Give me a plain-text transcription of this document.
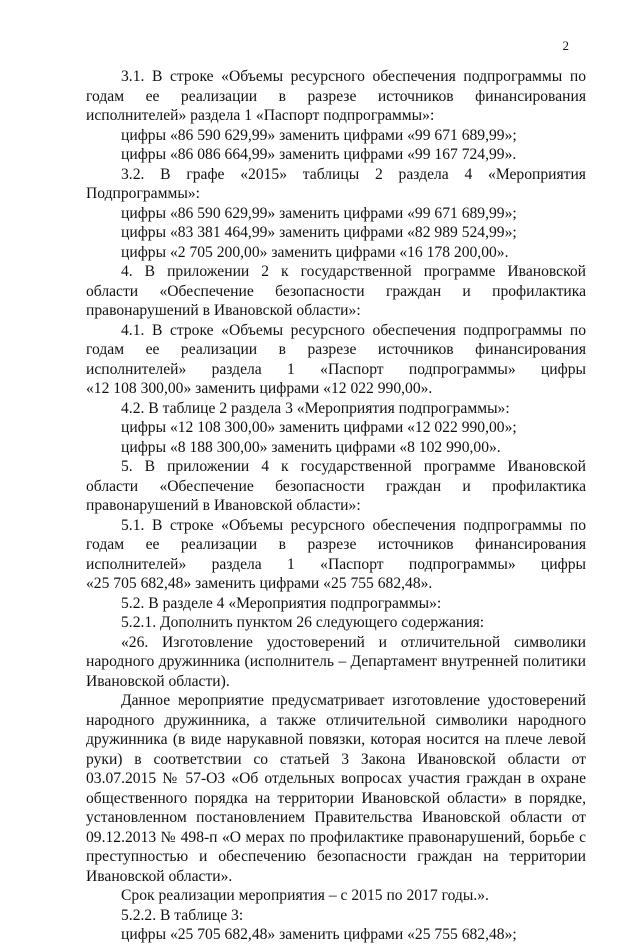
2
3.1. В строке «Объемы ресурсного обеспечения подпрограммы по
годам ее реализации в разрезе источников финансирования
исполнителей» раздела 1 «Паспорт подпрограммы»:
цифры «86 590 629,99» заменить цифрами «99 671 689,99»;
цифры «86 086 664,99» заменить цифрами «99 167 724,99».
3.2. В графе «2015» таблицы 2 раздела 4 «Мероприятия
Подпрограммы»:
цифры «86 590 629,99» заменить цифрами «99 671 689,99»;
цифры «83 381 464,99» заменить цифрами «82 989 524,99»;
цифры «2 705 200,00» заменить цифрами «16 178 200,00».
4. В приложении 2 к государственной программе Ивановской
области «Обеспечение безопасности граждан и профилактика
правонарушений в Ивановской области»:
4.1. В строке «Объемы ресурсного обеспечения подпрограммы по
годам ее реализации в разрезе источников финансирования
исполнителей» раздела 1 «Паспорт подпрограммы» цифры
«12 108 300,00» заменить цифрами «12 022 990,00».
4.2. В таблице 2 раздела 3 «Мероприятия подпрограммы»:
цифры «12 108 300,00» заменить цифрами «12 022 990,00»;
цифры «8 188 300,00» заменить цифрами «8 102 990,00».
5. В приложении 4 к государственной программе Ивановской
области «Обеспечение безопасности граждан и профилактика
правонарушений в Ивановской области»:
5.1. В строке «Объемы ресурсного обеспечения подпрограммы по
годам ее реализации в разрезе источников финансирования
исполнителей» раздела 1 «Паспорт подпрограммы» цифры
«25 705 682,48» заменить цифрами «25 755 682,48».
5.2. В разделе 4 «Мероприятия подпрограммы»:
5.2.1. Дополнить пунктом 26 следующего содержания:
«26. Изготовление удостоверений и отличительной символики
народного дружинника (исполнитель – Департамент внутренней политики
Ивановской области).
Данное мероприятие предусматривает изготовление удостоверений
народного дружинника, а также отличительной символики народного
дружинника (в виде нарукавной повязки, которая носится на плече левой
руки) в соответствии со статьей 3 Закона Ивановской области от
03.07.2015 № 57-ОЗ «Об отдельных вопросах участия граждан в охране
общественного порядка на территории Ивановской области» в порядке,
установленном постановлением Правительства Ивановской области от
09.12.2013 № 498-п «О мерах по профилактике правонарушений, борьбе с
преступностью и обеспечению безопасности граждан на территории
Ивановской области».
Срок реализации мероприятия – с 2015 по 2017 годы.».
5.2.2. В таблице 3:
цифры «25 705 682,48» заменить цифрами «25 755 682,48»;
